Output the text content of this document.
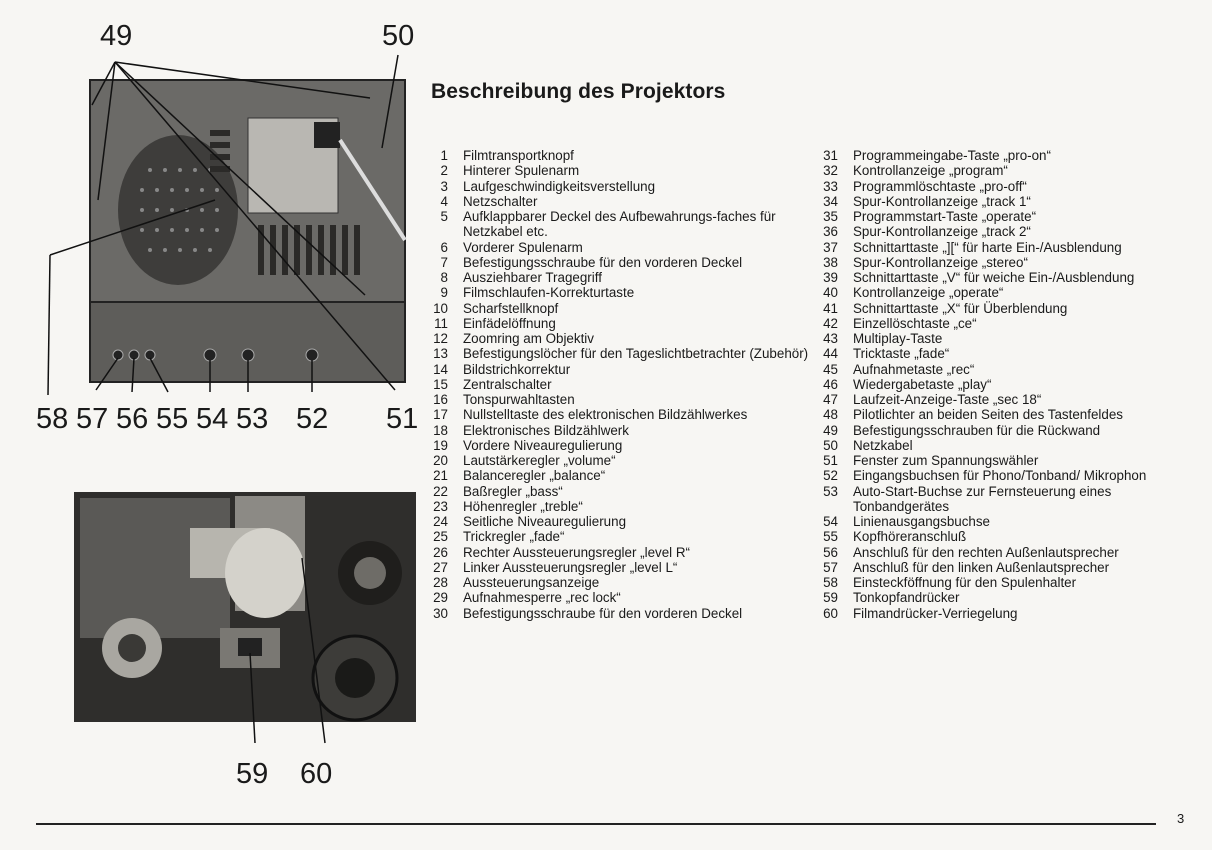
Beschreibung des Projektors
49	50
58 57 56 55 54 53 52 51
59 60
1 Filmtransportknopf
2 Hinterer Spulenarm
3 Laufgeschwindigkeitsverstellung
4 Netzschalter
5 Aufklappbarer Deckel des Aufbewahrungs-faches für Netzkabel etc.
6 Vorderer Spulenarm
7 Befestigungsschraube für den vorderen Deckel
8 Ausziehbarer Tragegriff
9 Filmschlaufen-Korrekturtaste
10 Scharfstellknopf
11 Einfädelöffnung
12 Zoomring am Objektiv
13 Befestigungslöcher für den Tageslichtbetrachter (Zubehör)
14 Bildstrichkorrektur
15 Zentralschalter
16 Tonspurwahltasten
17 Nullstelltaste des elektronischen Bildzählwerkes
18 Elektronisches Bildzählwerk
19 Vordere Niveauregulierung
20 Lautstärkeregler „volume“
21 Balanceregler „balance“
22 Baßregler „bass“
23 Höhenregler „treble“
24 Seitliche Niveauregulierung
25 Trickregler „fade“
26 Rechter Aussteuerungsregler „level R“
27 Linker Aussteuerungsregler „level L“
28 Aussteuerungsanzeige
29 Aufnahmesperre „rec lock“
30 Befestigungsschraube für den vorderen Deckel
31 Programmeingabe-Taste „pro-on“
32 Kontrollanzeige „program“
33 Programmlöschtaste „pro-off“
34 Spur-Kontrollanzeige „track 1“
35 Programmstart-Taste „operate“
36 Spur-Kontrollanzeige „track 2“
37 Schnittarttaste „][“ für harte Ein-/Ausblendung
38 Spur-Kontrollanzeige „stereo“
39 Schnittarttaste „V“ für weiche Ein-/Ausblendung
40 Kontrollanzeige „operate“
41 Schnittarttaste „X“ für Überblendung
42 Einzellöschtaste „ce“
43 Multiplay-Taste
44 Tricktaste „fade“
45 Aufnahmetaste „rec“
46 Wiedergabetaste „play“
47 Laufzeit-Anzeige-Taste „sec 18“
48 Pilotlichter an beiden Seiten des Tastenfeldes
49 Befestigungsschrauben für die Rückwand
50 Netzkabel
51 Fenster zum Spannungswähler
52 Eingangsbuchsen für Phono/Tonband/ Mikrophon
53 Auto-Start-Buchse zur Fernsteuerung eines Tonbandgerätes
54 Linienausgangsbuchse
55 Kopfhöreranschluß
56 Anschluß für den rechten Außenlautsprecher
57 Anschluß für den linken Außenlautsprecher
58 Einsteckföffnung für den Spulenhalter
59 Tonkopfandrücker
60 Filmandrücker-Verriegelung
3
